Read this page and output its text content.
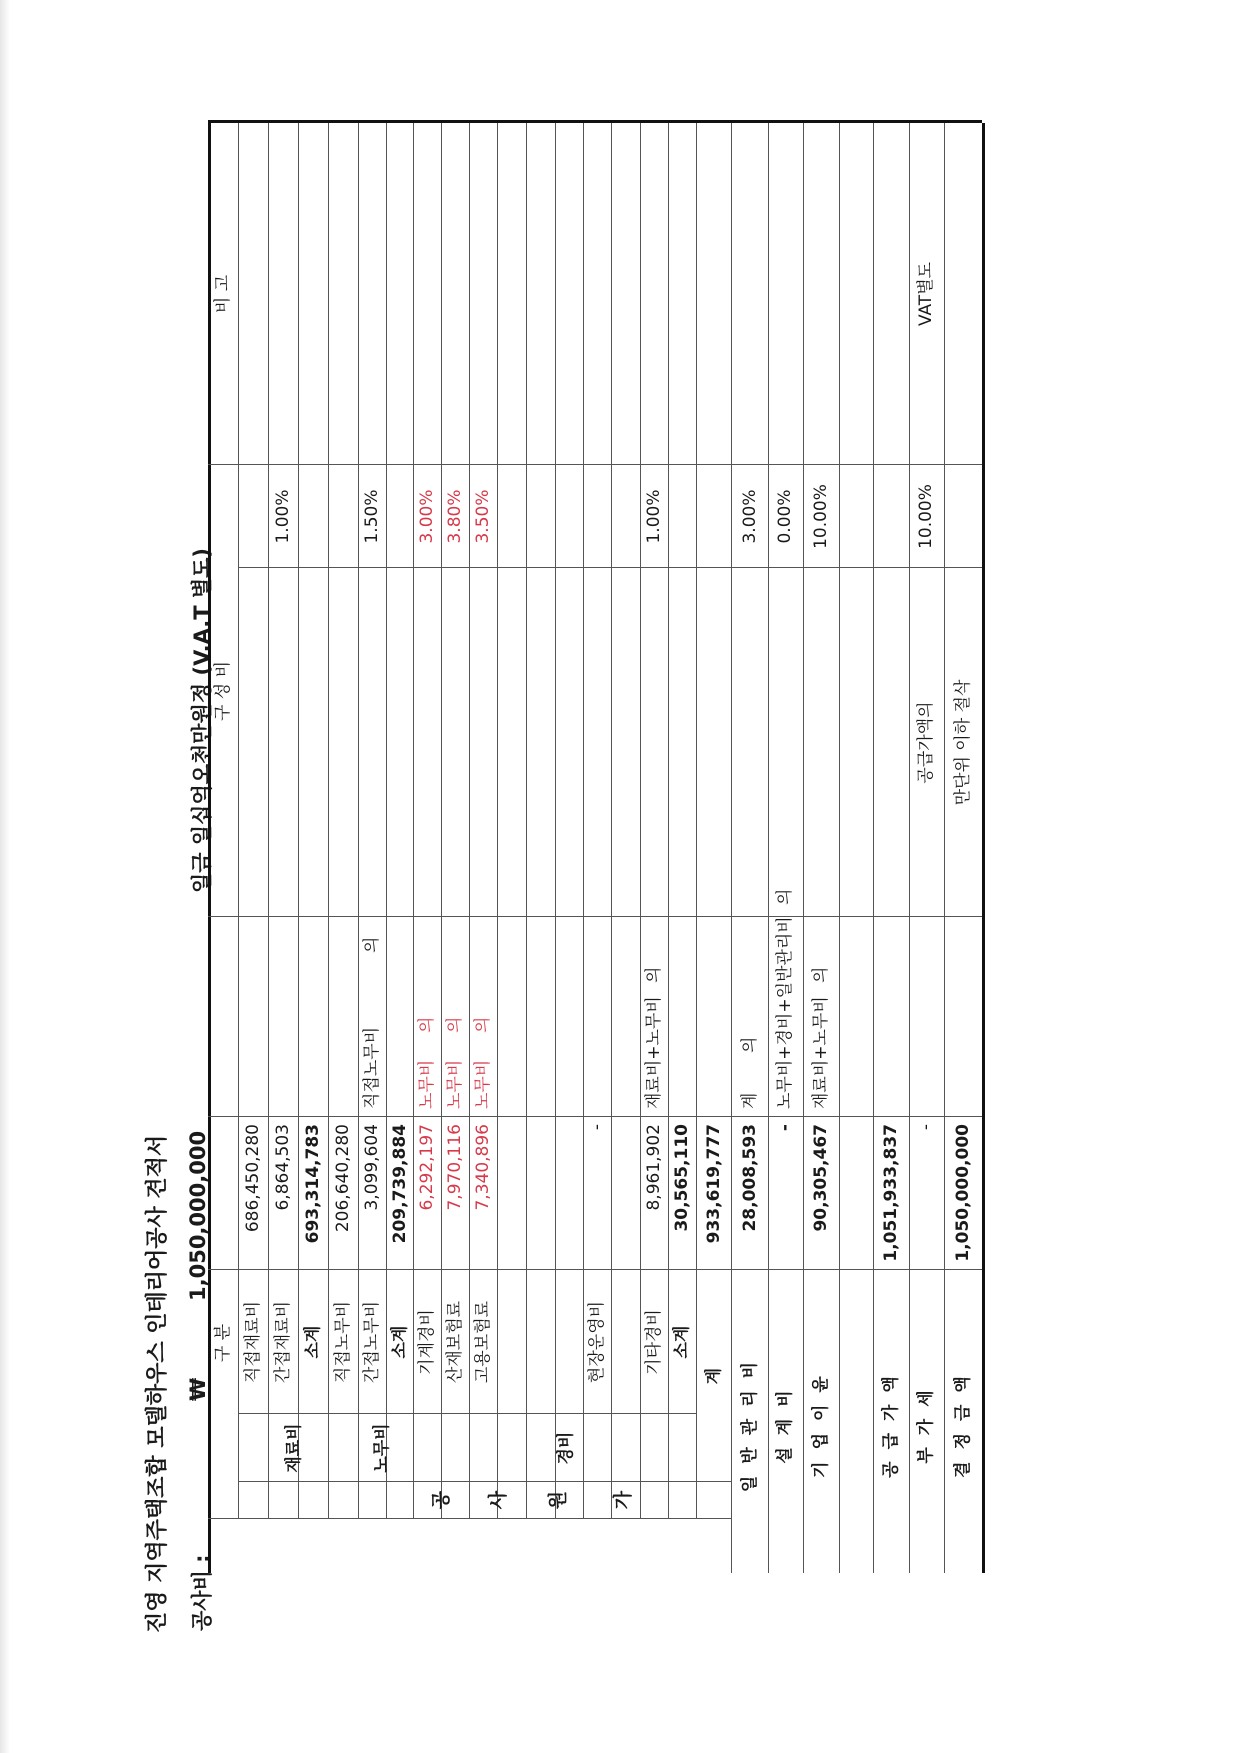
진영 지역주택조합 모델하우스 인테리어공사 견적서 공사비 :
₩
1,050,000,000
일금 일십억오천만원정 (V.A.T 별도)
공 사 원 가
구 분
구 성 비
비 고
재료비	노무비	경비
직접재료비
686,450,280
간접재료비
6,864,503
1.00%
소계
693,314,783
직접노무비
206,640,280
간접노무비
3,099,604
직접노무비
의
1.50%
소계
209,739,884
기계경비
6,292,197
노무비
의
3.00%
산재보험료
7,970,116
노무비
의
3.80%
고용보험료
7,340,896
노무비
의
3.50%
현장운영비
-
기타경비
8,961,902
재료비+노무비
의
1.00%
소계
30,565,110
계
933,619,777
일반관리비
28,008,593
계
의
3.00%
설계비
-
노무비+경비+일반관리비
의
0.00%
기업이윤
90,305,467
재료비+노무비
의
10.00%
공급가액
1,051,933,837
부가세
-
공급가액의
10.00%
VAT별도
결정금액
1,050,000,000
만단위 이하 절삭
